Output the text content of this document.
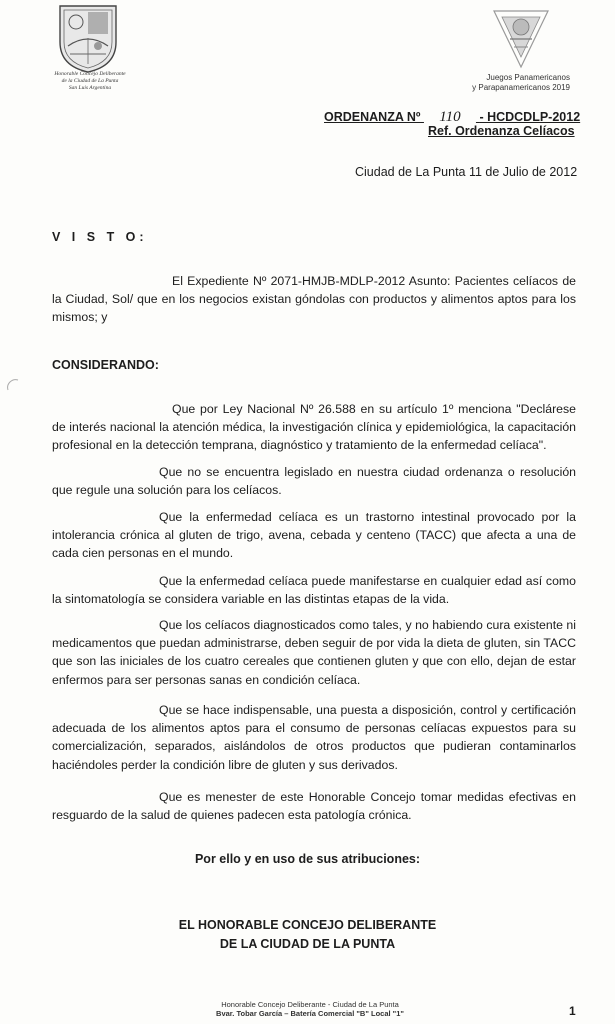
Honorable Concejo Deliberante
de la Ciudad de La Punta
San Luis Argentina
Juegos Panamericanos
y Parapanamericanos 2019
ORDENANZA Nº 110 - HCDCDLP-2012
Ref. Ordenanza Celíacos
Ciudad de La Punta 11 de Julio de 2012
V I S T O:
El Expediente Nº 2071-HMJB-MDLP-2012 Asunto: Pacientes celíacos de la Ciudad, Sol/ que en los negocios existan góndolas con productos y alimentos aptos para los mismos; y
CONSIDERANDO:
Que por Ley Nacional Nº 26.588 en su artículo 1º menciona "Declárese de interés nacional la atención médica, la investigación clínica y epidemiológica, la capacitación profesional en la detección temprana, diagnóstico y tratamiento de la enfermedad celíaca".
Que no se encuentra legislado en nuestra ciudad ordenanza o resolución que regule una solución para los celíacos.
Que la enfermedad celíaca es un trastorno intestinal provocado por la intolerancia crónica al gluten de trigo, avena, cebada y centeno (TACC) que afecta a una de cada cien personas en el mundo.
Que la enfermedad celíaca puede manifestarse en cualquier edad así como la sintomatología se considera variable en las distintas etapas de la vida.
Que los celíacos diagnosticados como tales, y no habiendo cura existente ni medicamentos que puedan administrarse, deben seguir de por vida la dieta de gluten, sin TACC que son las iniciales de los cuatro cereales que contienen gluten y que con ello, dejan de estar enfermos para ser personas sanas en condición celíaca.
Que se hace indispensable, una puesta a disposición, control y certificación adecuada de los alimentos aptos para el consumo de personas celíacas expuestos para su comercialización, separados, aislándolos de otros productos que pudieran contaminarlos haciéndoles perder la condición libre de gluten y sus derivados.
Que es menester de este Honorable Concejo tomar medidas efectivas en resguardo de la salud de quienes padecen esta patología crónica.
Por ello y en uso de sus atribuciones:
EL HONORABLE CONCEJO DELIBERANTE
DE LA CIUDAD DE LA PUNTA
Honorable Concejo Deliberante - Ciudad de La Punta
Bvar. Tobar García – Batería Comercial "B" Local "1"	1
